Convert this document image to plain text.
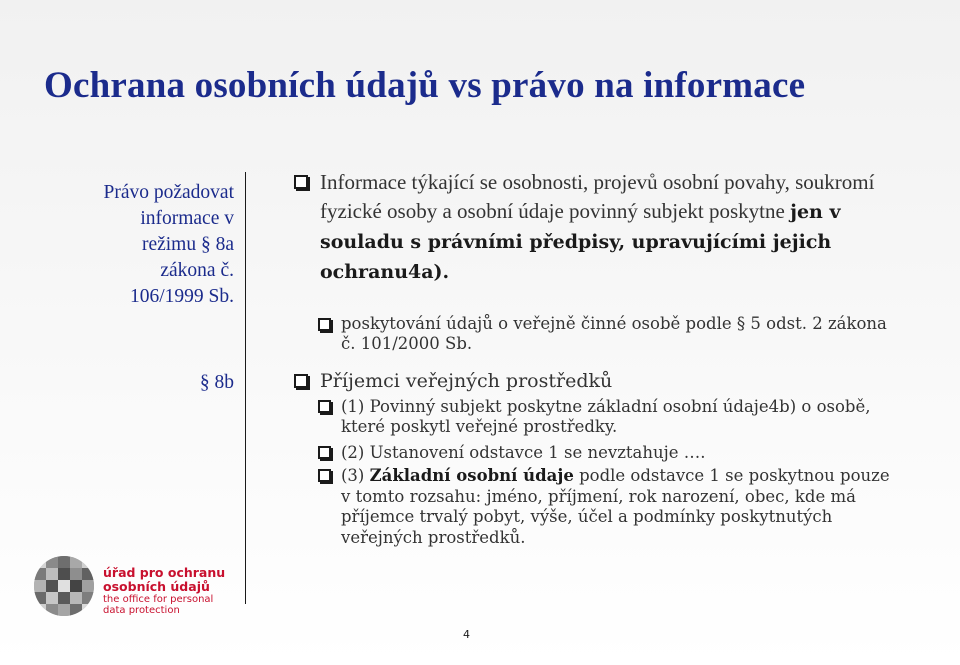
Ochrana osobních údajů vs právo na informace
Právo požadovat
informace v
režimu § 8a
zákona č.
106/1999 Sb.
§ 8b
Informace týkající se osobnosti, projevů osobní povahy, soukromí fyzické osoby a osobní údaje povinný subjekt poskytne jen v souladu s právními předpisy, upravujícími jejich ochranu4a).
poskytování údajů o veřejně činné osobě podle § 5 odst. 2 zákona č. 101/2000 Sb.
Příjemci veřejných prostředků
(1) Povinný subjekt poskytne základní osobní údaje4b) o osobě, které poskytl veřejné prostředky.
(2) Ustanovení odstavce 1 se nevztahuje ….
(3) Základní osobní údaje podle odstavce 1 se poskytnou pouze v tomto rozsahu: jméno, příjmení, rok narození, obec, kde má příjemce trvalý pobyt, výše, účel a podmínky poskytnutých veřejných prostředků.
úřad pro ochranu
osobních údajů
the office for personal
data protection
4
